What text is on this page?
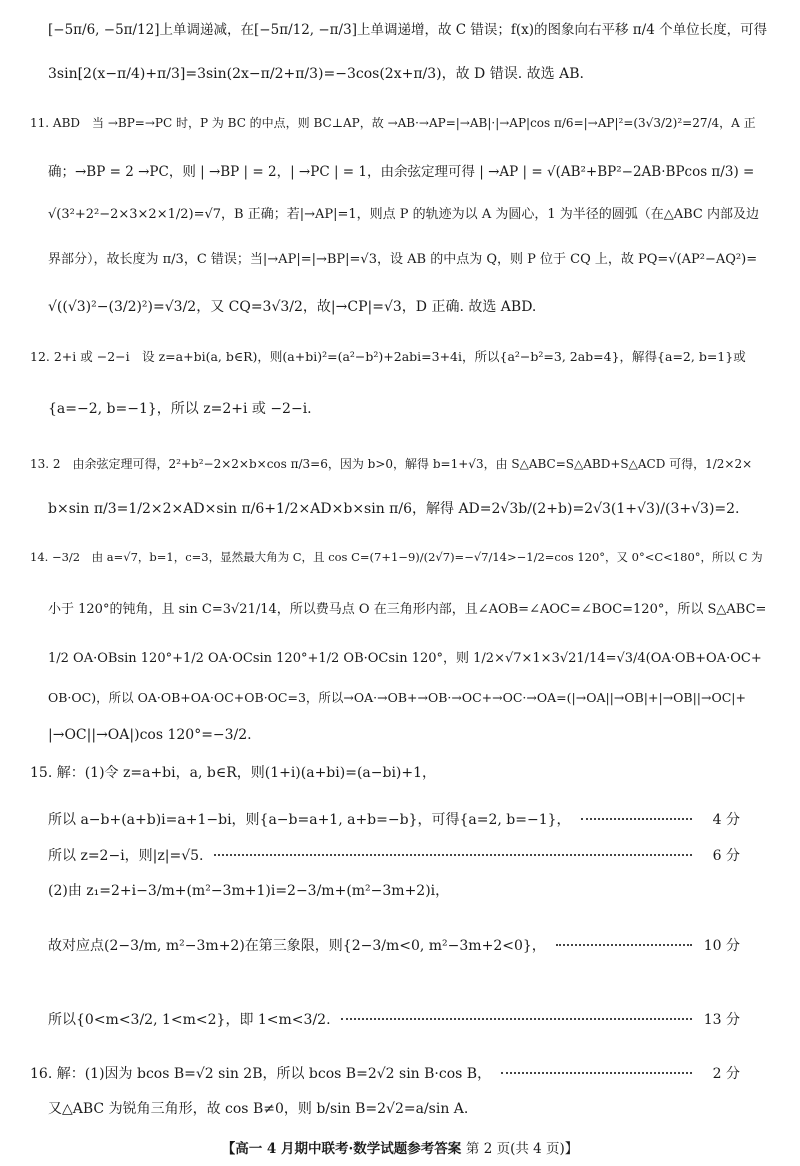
[−5π/6, −5π/12]上单调递减，在[−5π/12, −π/3]上单调递增，故 C 错误；f(x)的图象向右平移 π/4 个单位长度，可得
3sin[2(x−π/4)+π/3]=3sin(2x−π/2+π/3)=−3cos(2x+π/3)，故 D 错误. 故选 AB.
11. ABD　当 →BP=→PC 时，P 为 BC 的中点，则 BC⊥AP，故 →AB·→AP=|→AB|·|→AP|cos π/6=|→AP|²=(3√3/2)²=27/4，A 正
确；→BP = 2 →PC，则 | →BP | = 2，| →PC | = 1，由余弦定理可得 | →AP | = √(AB²+BP²−2AB·BPcos π/3) =
√(3²+2²−2×3×2×1/2)=√7，B 正确；若|→AP|=1，则点 P 的轨迹为以 A 为圆心，1 为半径的圆弧（在△ABC 内部及边
界部分），故长度为 π/3，C 错误；当|→AP|=|→BP|=√3，设 AB 的中点为 Q，则 P 位于 CQ 上，故 PQ=√(AP²−AQ²)=
√((√3)²−(3/2)²)=√3/2，又 CQ=3√3/2，故|→CP|=√3，D 正确. 故选 ABD.
12. 2+i 或 −2−i　设 z=a+bi(a, b∈R)，则(a+bi)²=(a²−b²)+2abi=3+4i，所以{a²−b²=3, 2ab=4}，解得{a=2, b=1}或
{a=−2, b=−1}，所以 z=2+i 或 −2−i.
13. 2　由余弦定理可得，2²+b²−2×2×b×cos π/3=6，因为 b>0，解得 b=1+√3，由 S△ABC=S△ABD+S△ACD 可得，1/2×2×
b×sin π/3=1/2×2×AD×sin π/6+1/2×AD×b×sin π/6，解得 AD=2√3b/(2+b)=2√3(1+√3)/(3+√3)=2.
14. −3/2　由 a=√7，b=1，c=3，显然最大角为 C，且 cos C=(7+1−9)/(2√7)=−√7/14>−1/2=cos 120°，又 0°<C<180°，所以 C 为
小于 120°的钝角，且 sin C=3√21/14，所以费马点 O 在三角形内部，且∠AOB=∠AOC=∠BOC=120°，所以 S△ABC=
1/2 OA·OBsin 120°+1/2 OA·OCsin 120°+1/2 OB·OCsin 120°，则 1/2×√7×1×3√21/14=√3/4(OA·OB+OA·OC+
OB·OC)，所以 OA·OB+OA·OC+OB·OC=3，所以→OA·→OB+→OB·→OC+→OC·→OA=(|→OA||→OB|+|→OB||→OC|+
|→OC||→OA|)cos 120°=−3/2.
15. 解：(1)令 z=a+bi，a, b∈R，则(1+i)(a+bi)=(a−bi)+1，
所以 a−b+(a+b)i=a+1−bi，则{a−b=a+1, a+b=−b}，可得{a=2, b=−1}，	4 分
所以 z=2−i，则|z|=√5.	6 分
(2)由 z₁=2+i−3/m+(m²−3m+1)i=2−3/m+(m²−3m+2)i，
故对应点(2−3/m, m²−3m+2)在第三象限，则{2−3/m<0, m²−3m+2<0}，	10 分
所以{0<m<3/2, 1<m<2}，即 1<m<3/2.	13 分
16. 解：(1)因为 bcos B=√2 sin 2B，所以 bcos B=2√2 sin B·cos B，	2 分
又△ABC 为锐角三角形，故 cos B≠0，则 b/sin B=2√2=a/sin A.
【高一 4 月期中联考·数学试题参考答案 第 2 页(共 4 页)】
